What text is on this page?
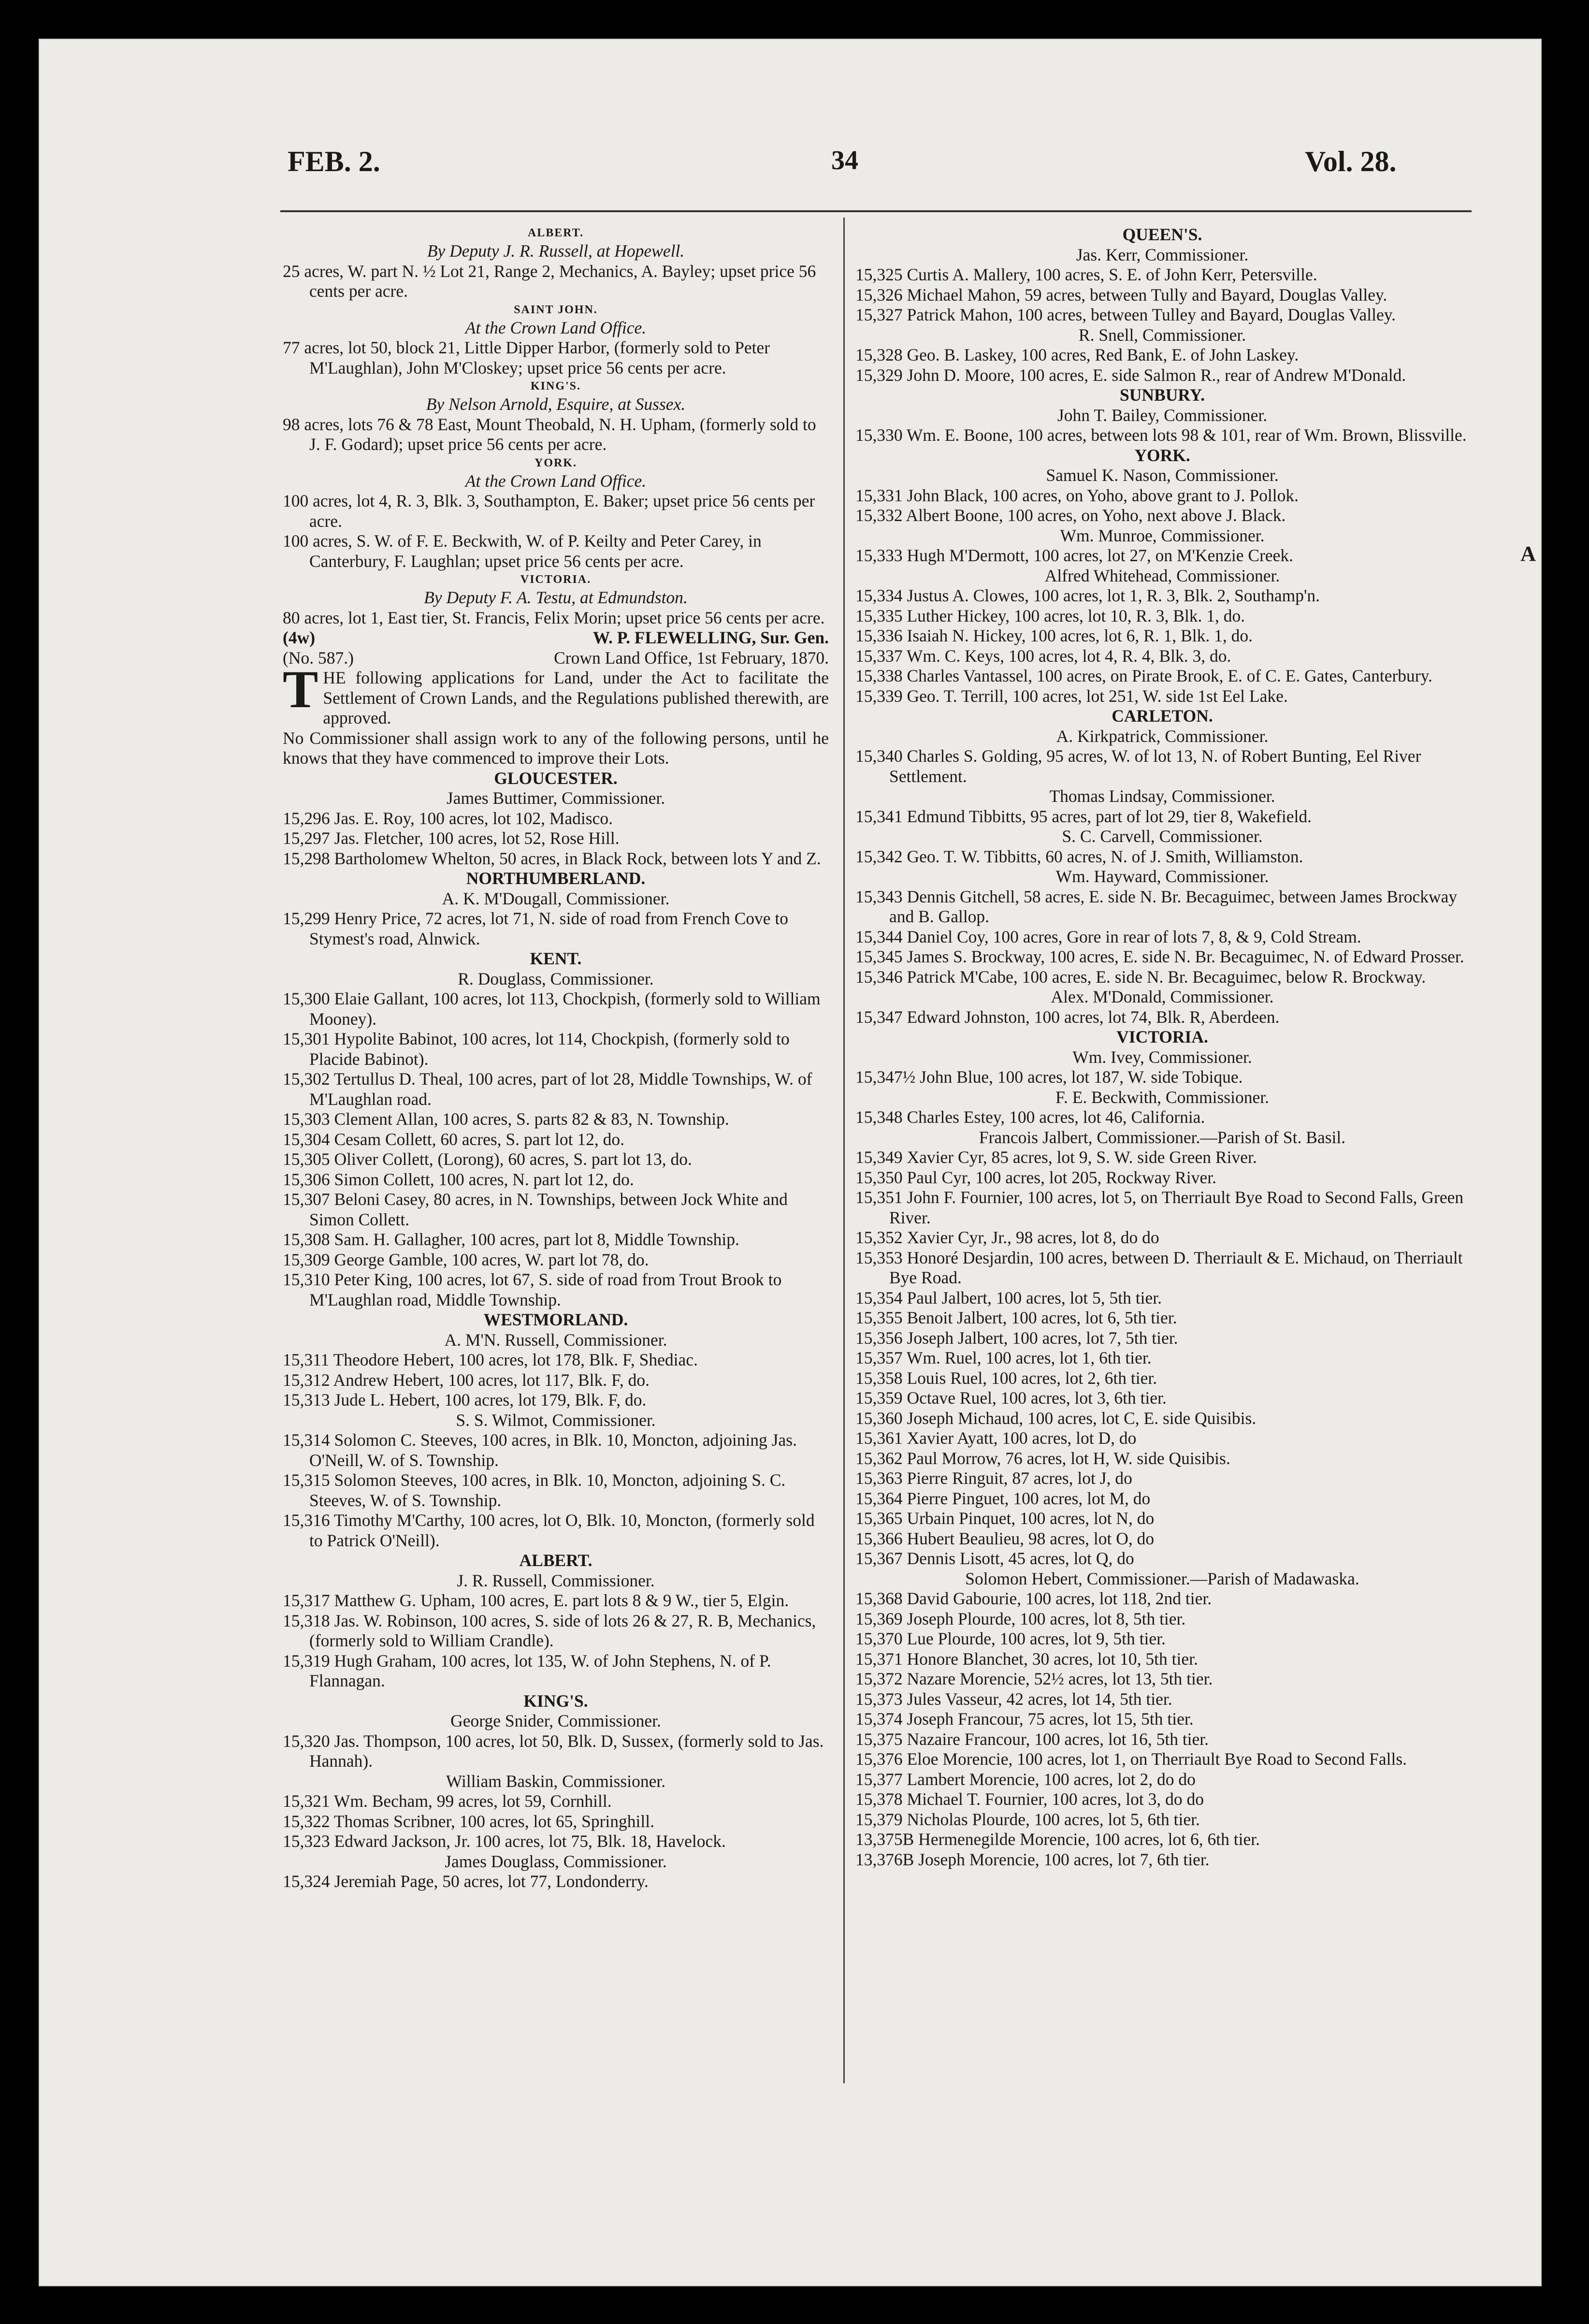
FEB. 2.	34	Vol. 28.

ALBERT.

By Deputy J. R. Russell, at Hopewell.

25 acres, W. part N. ½ Lot 21, Range 2, Mechanics, A. Bayley; upset price 56 cents per acre.

SAINT JOHN.

At the Crown Land Office.

77 acres, lot 50, block 21, Little Dipper Harbor, (formerly sold to Peter M'Laughlan), John M'Closkey; upset price 56 cents per acre.

KING'S.

By Nelson Arnold, Esquire, at Sussex.

98 acres, lots 76 & 78 East, Mount Theobald, N. H. Upham, (formerly sold to J. F. Godard); upset price 56 cents per acre.

YORK.

At the Crown Land Office.

100 acres, lot 4, R. 3, Blk. 3, Southampton, E. Baker; upset price 56 cents per acre.

100 acres, S. W. of F. E. Beckwith, W. of P. Keilty and Peter Carey, in Canterbury, F. Laughlan; upset price 56 cents per acre.

VICTORIA.

By Deputy F. A. Testu, at Edmundston.

80 acres, lot 1, East tier, St. Francis, Felix Morin; upset price 56 cents per acre.

(4w)	W. P. FLEWELLING, Sur. Gen.
(No. 587.)	Crown Land Office, 1st February, 1870.

THE following applications for Land, under the Act to facilitate the Settlement of Crown Lands, and the Regulations published therewith, are approved.

No Commissioner shall assign work to any of the following persons, until he knows that they have commenced to improve their Lots.

GLOUCESTER.

James Buttimer, Commissioner.

15,296 Jas. E. Roy, 100 acres, lot 102, Madisco.

15,297 Jas. Fletcher, 100 acres, lot 52, Rose Hill.

15,298 Bartholomew Whelton, 50 acres, in Black Rock, between lots Y and Z.

NORTHUMBERLAND.

A. K. M'Dougall, Commissioner.

15,299 Henry Price, 72 acres, lot 71, N. side of road from French Cove to Stymest's road, Alnwick.

KENT.

R. Douglass, Commissioner.

15,300 Elaie Gallant, 100 acres, lot 113, Chockpish, (formerly sold to William Mooney).

15,301 Hypolite Babinot, 100 acres, lot 114, Chockpish, (formerly sold to Placide Babinot).

15,302 Tertullus D. Theal, 100 acres, part of lot 28, Middle Townships, W. of M'Laughlan road.

15,303 Clement Allan, 100 acres, S. parts 82 & 83, N. Township.

15,304 Cesam Collett, 60 acres, S. part lot 12, do.

15,305 Oliver Collett, (Lorong), 60 acres, S. part lot 13, do.

15,306 Simon Collett, 100 acres, N. part lot 12, do.

15,307 Beloni Casey, 80 acres, in N. Townships, between Jock White and Simon Collett.

15,308 Sam. H. Gallagher, 100 acres, part lot 8, Middle Township.

15,309 George Gamble, 100 acres, W. part lot 78, do.

15,310 Peter King, 100 acres, lot 67, S. side of road from Trout Brook to M'Laughlan road, Middle Township.

WESTMORLAND.

A. M'N. Russell, Commissioner.

15,311 Theodore Hebert, 100 acres, lot 178, Blk. F, Shediac.

15,312 Andrew Hebert, 100 acres, lot 117, Blk. F, do.

15,313 Jude L. Hebert, 100 acres, lot 179, Blk. F, do.

S. S. Wilmot, Commissioner.

15,314 Solomon C. Steeves, 100 acres, in Blk. 10, Moncton, adjoining Jas. O'Neill, W. of S. Township.

15,315 Solomon Steeves, 100 acres, in Blk. 10, Moncton, adjoining S. C. Steeves, W. of S. Township.

15,316 Timothy M'Carthy, 100 acres, lot O, Blk. 10, Moncton, (formerly sold to Patrick O'Neill).

ALBERT.

J. R. Russell, Commissioner.

15,317 Matthew G. Upham, 100 acres, E. part lots 8 & 9 W., tier 5, Elgin.

15,318 Jas. W. Robinson, 100 acres, S. side of lots 26 & 27, R. B, Mechanics, (formerly sold to William Crandle).

15,319 Hugh Graham, 100 acres, lot 135, W. of John Stephens, N. of P. Flannagan.

KING'S.

George Snider, Commissioner.

15,320 Jas. Thompson, 100 acres, lot 50, Blk. D, Sussex, (formerly sold to Jas. Hannah).

William Baskin, Commissioner.

15,321 Wm. Becham, 99 acres, lot 59, Cornhill.

15,322 Thomas Scribner, 100 acres, lot 65, Springhill.

15,323 Edward Jackson, Jr. 100 acres, lot 75, Blk. 18, Havelock.

James Douglass, Commissioner.

15,324 Jeremiah Page, 50 acres, lot 77, Londonderry.

QUEEN'S.

Jas. Kerr, Commissioner.

15,325 Curtis A. Mallery, 100 acres, S. E. of John Kerr, Petersville.

15,326 Michael Mahon, 59 acres, between Tully and Bayard, Douglas Valley.

15,327 Patrick Mahon, 100 acres, between Tulley and Bayard, Douglas Valley.

R. Snell, Commissioner.

15,328 Geo. B. Laskey, 100 acres, Red Bank, E. of John Laskey.

15,329 John D. Moore, 100 acres, E. side Salmon R., rear of Andrew M'Donald.

SUNBURY.

John T. Bailey, Commissioner.

15,330 Wm. E. Boone, 100 acres, between lots 98 & 101, rear of Wm. Brown, Blissville.

YORK.

Samuel K. Nason, Commissioner.

15,331 John Black, 100 acres, on Yoho, above grant to J. Pollok.

15,332 Albert Boone, 100 acres, on Yoho, next above J. Black.

Wm. Munroe, Commissioner.

15,333 Hugh M'Dermott, 100 acres, lot 27, on M'Kenzie Creek.

Alfred Whitehead, Commissioner.

15,334 Justus A. Clowes, 100 acres, lot 1, R. 3, Blk. 2, Southamp'n.

15,335 Luther Hickey, 100 acres, lot 10, R. 3, Blk. 1, do.

15,336 Isaiah N. Hickey, 100 acres, lot 6, R. 1, Blk. 1, do.

15,337 Wm. C. Keys, 100 acres, lot 4, R. 4, Blk. 3, do.

15,338 Charles Vantassel, 100 acres, on Pirate Brook, E. of C. E. Gates, Canterbury.

15,339 Geo. T. Terrill, 100 acres, lot 251, W. side 1st Eel Lake.

CARLETON.

A. Kirkpatrick, Commissioner.

15,340 Charles S. Golding, 95 acres, W. of lot 13, N. of Robert Bunting, Eel River Settlement.

Thomas Lindsay, Commissioner.

15,341 Edmund Tibbitts, 95 acres, part of lot 29, tier 8, Wakefield.

S. C. Carvell, Commissioner.

15,342 Geo. T. W. Tibbitts, 60 acres, N. of J. Smith, Williamston.

Wm. Hayward, Commissioner.

15,343 Dennis Gitchell, 58 acres, E. side N. Br. Becaguimec, between James Brockway and B. Gallop.

15,344 Daniel Coy, 100 acres, Gore in rear of lots 7, 8, & 9, Cold Stream.

15,345 James S. Brockway, 100 acres, E. side N. Br. Becaguimec, N. of Edward Prosser.

15,346 Patrick M'Cabe, 100 acres, E. side N. Br. Becaguimec, below R. Brockway.

Alex. M'Donald, Commissioner.

15,347 Edward Johnston, 100 acres, lot 74, Blk. R, Aberdeen.

VICTORIA.

Wm. Ivey, Commissioner.

15,347½ John Blue, 100 acres, lot 187, W. side Tobique.

F. E. Beckwith, Commissioner.

15,348 Charles Estey, 100 acres, lot 46, California.

Francois Jalbert, Commissioner.—Parish of St. Basil.

15,349 Xavier Cyr, 85 acres, lot 9, S. W. side Green River.

15,350 Paul Cyr, 100 acres, lot 205, Rockway River.

15,351 John F. Fournier, 100 acres, lot 5, on Therriault Bye Road to Second Falls, Green River.

15,352 Xavier Cyr, Jr., 98 acres, lot 8, do do

15,353 Honoré Desjardin, 100 acres, between D. Therriault & E. Michaud, on Therriault Bye Road.

15,354 Paul Jalbert, 100 acres, lot 5, 5th tier.

15,355 Benoit Jalbert, 100 acres, lot 6, 5th tier.

15,356 Joseph Jalbert, 100 acres, lot 7, 5th tier.

15,357 Wm. Ruel, 100 acres, lot 1, 6th tier.

15,358 Louis Ruel, 100 acres, lot 2, 6th tier.

15,359 Octave Ruel, 100 acres, lot 3, 6th tier.

15,360 Joseph Michaud, 100 acres, lot C, E. side Quisibis.

15,361 Xavier Ayatt, 100 acres, lot D, do

15,362 Paul Morrow, 76 acres, lot H, W. side Quisibis.

15,363 Pierre Ringuit, 87 acres, lot J, do

15,364 Pierre Pinguet, 100 acres, lot M, do

15,365 Urbain Pinquet, 100 acres, lot N, do

15,366 Hubert Beaulieu, 98 acres, lot O, do

15,367 Dennis Lisott, 45 acres, lot Q, do

Solomon Hebert, Commissioner.—Parish of Madawaska.

15,368 David Gabourie, 100 acres, lot 118, 2nd tier.

15,369 Joseph Plourde, 100 acres, lot 8, 5th tier.

15,370 Lue Plourde, 100 acres, lot 9, 5th tier.

15,371 Honore Blanchet, 30 acres, lot 10, 5th tier.

15,372 Nazare Morencie, 52½ acres, lot 13, 5th tier.

15,373 Jules Vasseur, 42 acres, lot 14, 5th tier.

15,374 Joseph Francour, 75 acres, lot 15, 5th tier.

15,375 Nazaire Francour, 100 acres, lot 16, 5th tier.

15,376 Eloe Morencie, 100 acres, lot 1, on Therriault Bye Road to Second Falls.

15,377 Lambert Morencie, 100 acres, lot 2, do do

15,378 Michael T. Fournier, 100 acres, lot 3, do do

15,379 Nicholas Plourde, 100 acres, lot 5, 6th tier.

13,375B Hermenegilde Morencie, 100 acres, lot 6, 6th tier.

13,376B Joseph Morencie, 100 acres, lot 7, 6th tier.

A
